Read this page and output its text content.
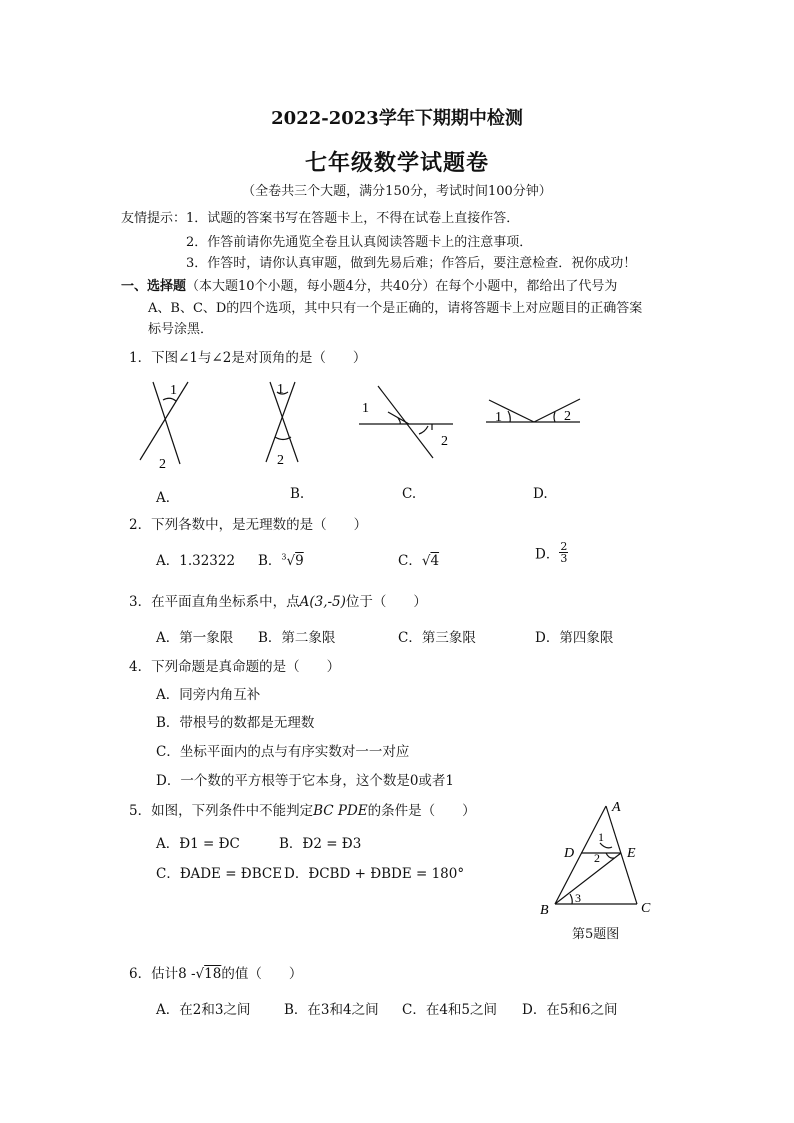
2022-2023学年下期期中检测
七年级数学试题卷
（全卷共三个大题，满分150分，考试时间100分钟）
友情提示： 1．试题的答案书写在答题卡上，不得在试卷上直接作答．
2．作答前请你先通览全卷且认真阅读答题卡上的注意事项．
3．作答时，请你认真审题，做到先易后难；作答后，要注意检查．祝你成功！
一、选择题（本大题10个小题，每小题4分，共40分）在每个小题中，都给出了代号为
A、B、C、D的四个选项，其中只有一个是正确的，请将答题卡上对应题目的正确答案
标号涂黑．
1．下图∠1与∠2是对顶角的是（　　）
1
2
1
2
1
2
1	2
A．	B.	C.	D.
2．下列各数中，是无理数的是（　　）
A．1.32322 B．$^3$√9	C．√4	D． $\frac{2}{3}$
3．在平面直角坐标系中，点A(3,-5)位于（　　）
A．第一象限 B．第二象限	C．第三象限	D．第四象限
4．下列命题是真命题的是（　　）
A．同旁内角互补
B．带根号的数都是无理数
C．坐标平面内的点与有序实数对一一对应
D．一个数的平方根等于它本身，这个数是0或者1
5．如图，下列条件中不能判定BC PDE的条件是（　　）
A．Ð1 = ÐC	B．Ð2 = Ð3
C．ÐADE = ÐBCE D．ÐCBD + ÐBDE = 180°
A
B	C
D	E
1
2
3
第5题图
6．估计8 -√18的值（　　）
A．在2和3之间 B．在3和4之间 C．在4和5之间 D．在5和6之间
